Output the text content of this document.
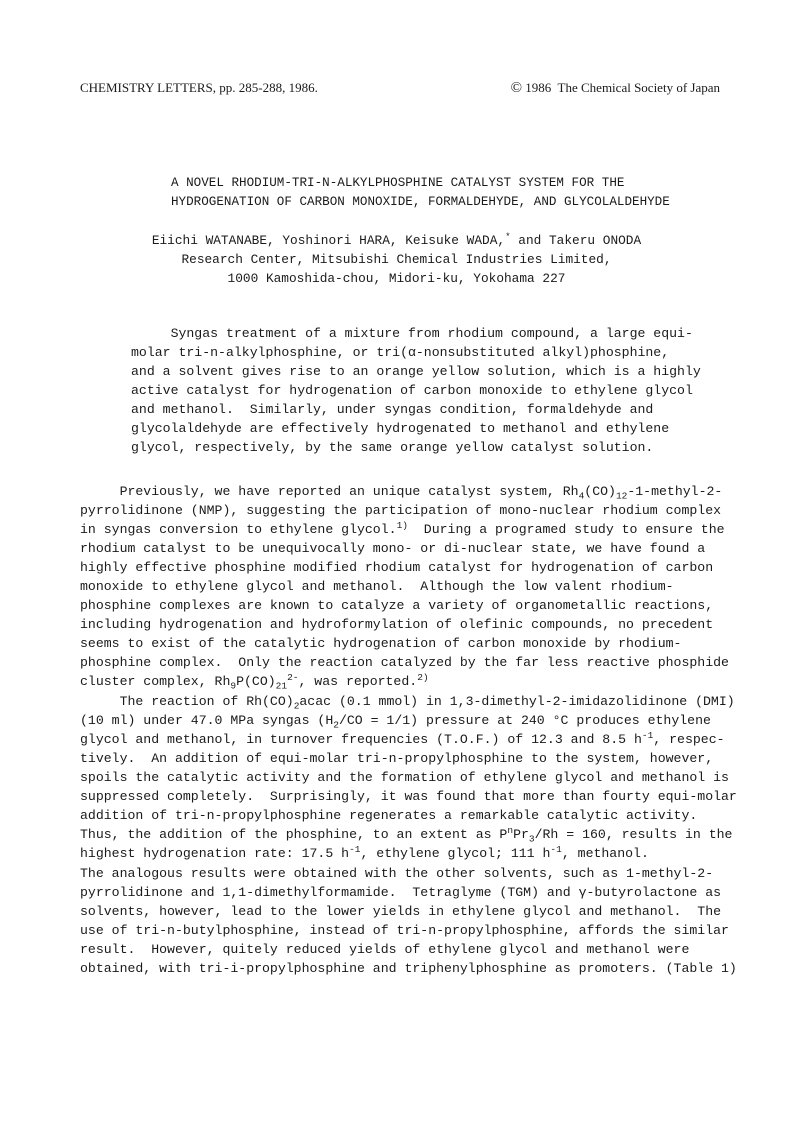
CHEMISTRY LETTERS, pp. 285-288, 1986.	© 1986  The Chemical Society of Japan
A NOVEL RHODIUM-TRI-N-ALKYLPHOSPHINE CATALYST SYSTEM FOR THE
HYDROGENATION OF CARBON MONOXIDE, FORMALDEHYDE, AND GLYCOLALDEHYDE
Eiichi WATANABE, Yoshinori HARA, Keisuke WADA,* and Takeru ONODA
Research Center, Mitsubishi Chemical Industries Limited,
1000 Kamoshida-chou, Midori-ku, Yokohama 227
Syngas treatment of a mixture from rhodium compound, a large equi-
molar tri-n-alkylphosphine, or tri(α-nonsubstituted alkyl)phosphine,
and a solvent gives rise to an orange yellow solution, which is a highly
active catalyst for hydrogenation of carbon monoxide to ethylene glycol
and methanol.  Similarly, under syngas condition, formaldehyde and
glycolaldehyde are effectively hydrogenated to methanol and ethylene
glycol, respectively, by the same orange yellow catalyst solution.
Previously, we have reported an unique catalyst system, $Rh_4(CO)_{12}-1-methyl-2-$
pyrrolidinone (NMP), suggesting the participation of mono-nuclear rhodium complex
in syngas conversion to ethylene glycol.$^{1)}$  During a programed study to ensure the
rhodium catalyst to be unequivocally mono- or di-nuclear state, we have found a
highly effective phosphine modified rhodium catalyst for hydrogenation of carbon
monoxide to ethylene glycol and methanol.  Although the low valent rhodium-
phosphine complexes are known to catalyze a variety of organometallic reactions,
including hydrogenation and hydroformylation of olefinic compounds, no precedent
seems to exist of the catalytic hydrogenation of carbon monoxide by rhodium-
phosphine complex.  Only the reaction catalyzed by the far less reactive phosphide
cluster complex, $Rh_9P(CO)_{21}^{2-}$, was reported.$^{2)}$
The reaction of $Rh(CO)_2acac$ (0.1 mmol) in 1,3-dimethyl-2-imidazolidinone (DMI)
(10 ml) under 47.0 MPa syngas $(H_2/CO = 1/1)$ pressure at 240 °C produces ethylene
glycol and methanol, in turnover frequencies (T.O.F.) of 12.3 and 8.5 $h^{-1}$, respec-
tively.  An addition of equi-molar tri-n-propylphosphine to the system, however,
spoils the catalytic activity and the formation of ethylene glycol and methanol is
suppressed completely.  Surprisingly, it was found that more than fourty equi-molar
addition of tri-n-propylphosphine regenerates a remarkable catalytic activity.
Thus, the addition of the phosphine, to an extent as $P^nPr_3/Rh = 160$, results in the
highest hydrogenation rate: 17.5 $h^{-1}$, ethylene glycol; 111 $h^{-1}$, methanol.
The analogous results were obtained with the other solvents, such as 1-methyl-2-
pyrrolidinone and 1,1-dimethylformamide.  Tetraglyme (TGM) and γ-butyrolactone as
solvents, however, lead to the lower yields in ethylene glycol and methanol.  The
use of tri-n-butylphosphine, instead of tri-n-propylphosphine, affords the similar
result.  However, quitely reduced yields of ethylene glycol and methanol were
obtained, with tri-i-propylphosphine and triphenylphosphine as promoters. (Table 1)
